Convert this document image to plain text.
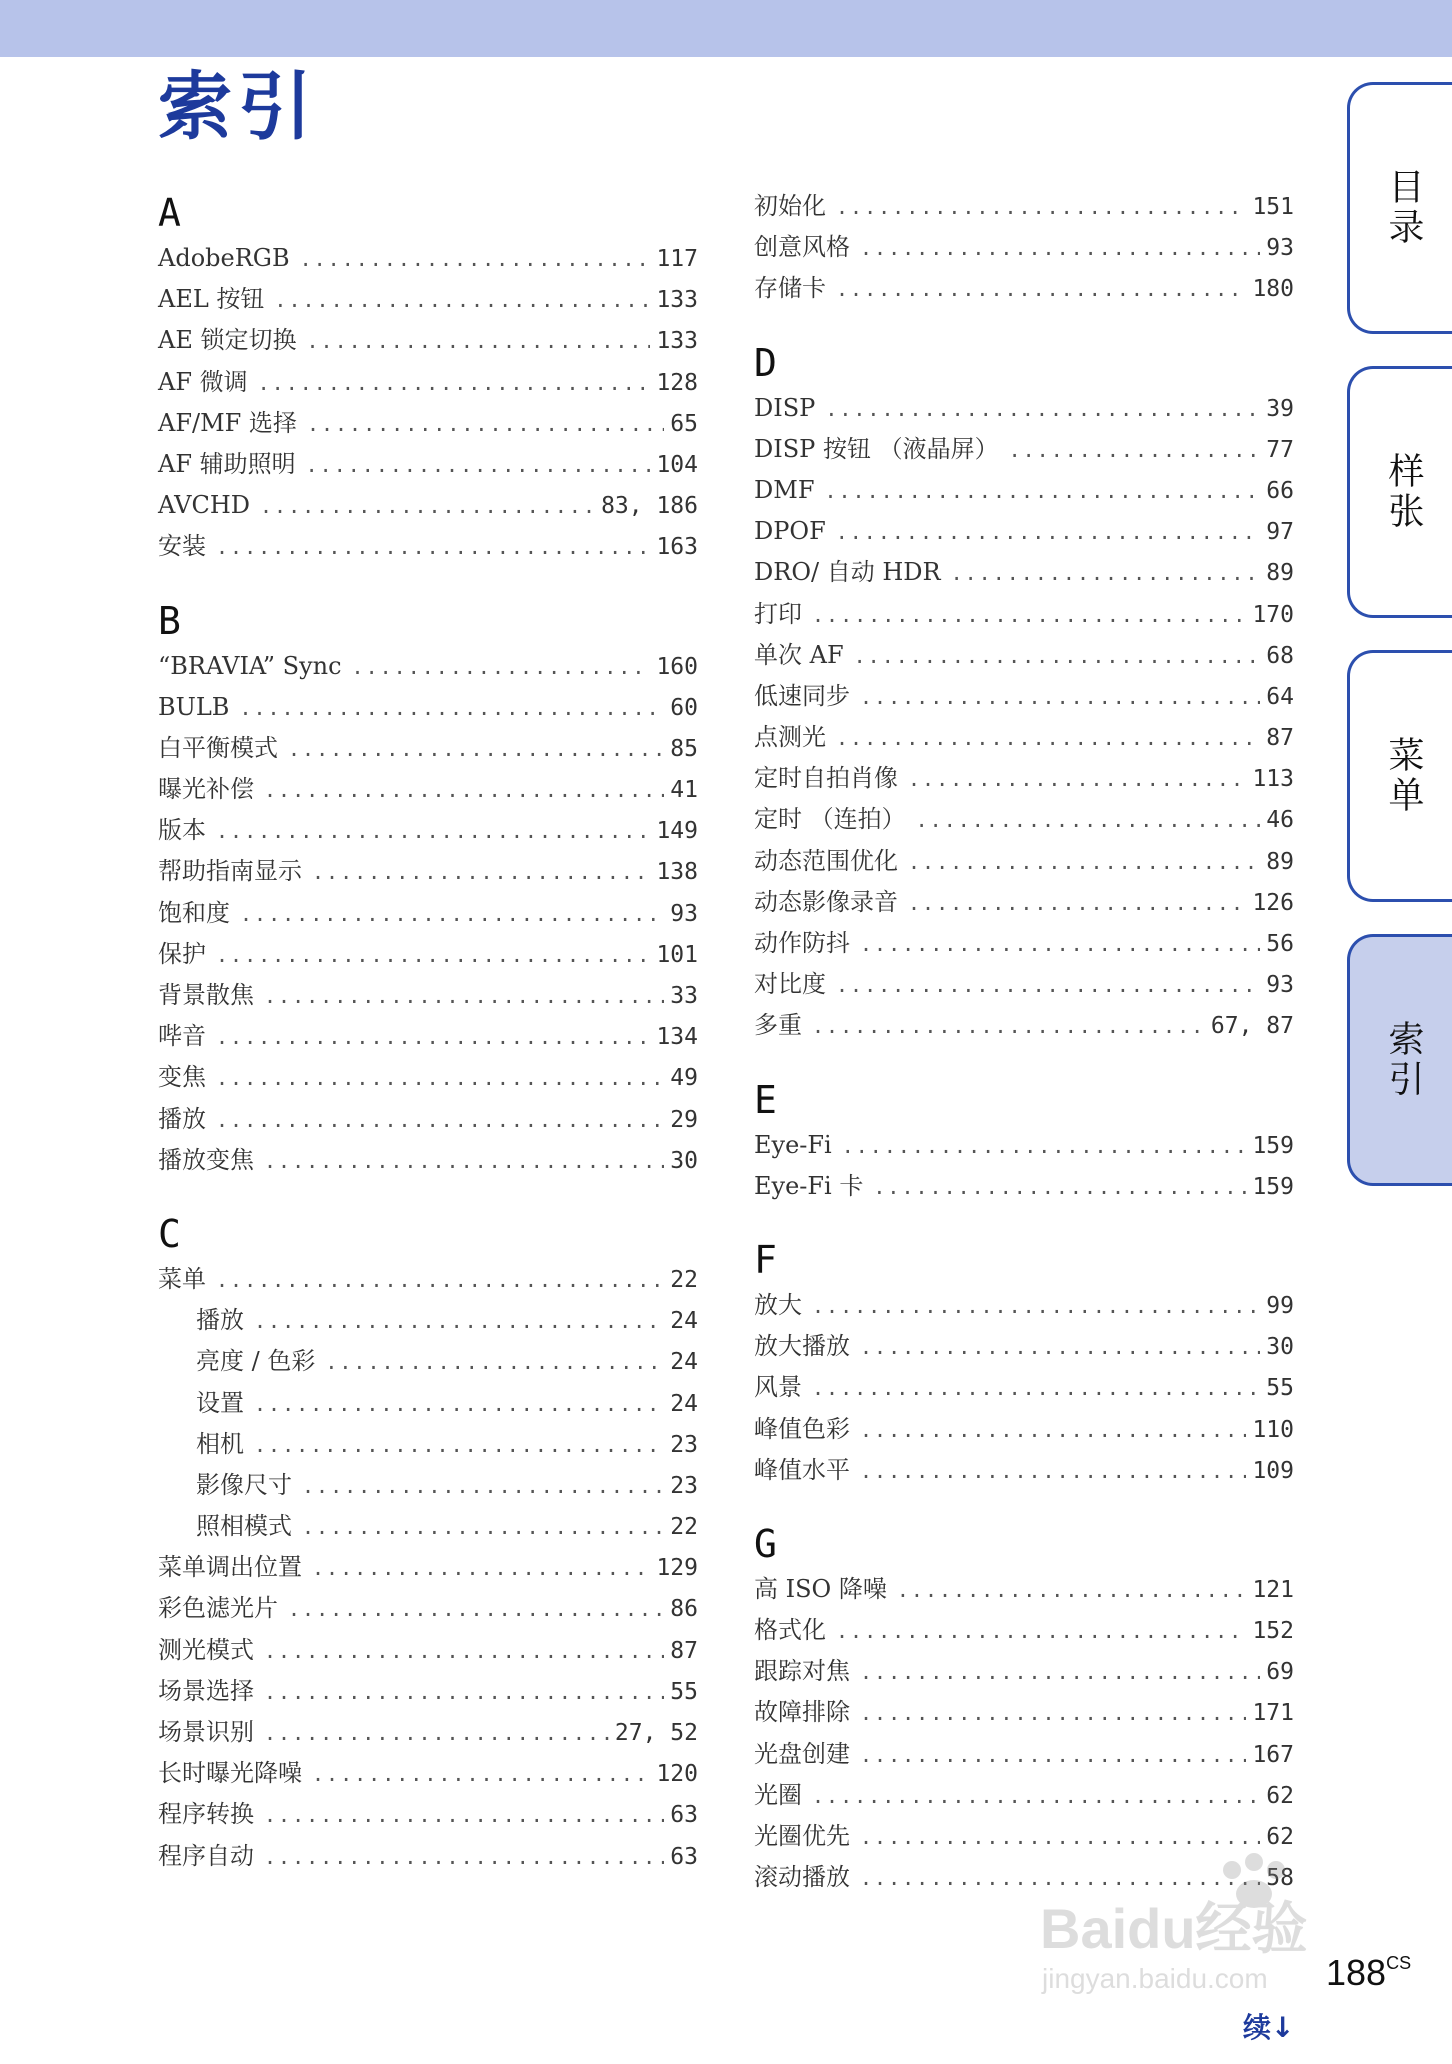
索引
A
AdobeRGB .....	117
AEL 按钮 .....	133
AE 锁定切换 .....	133
AF 微调 .....	128
AF/MF 选择 .....	65
AF 辅助照明 .....	104
AVCHD .....	83, 186
安装 .....	163
B
“BRAVIA” Sync .....	160
BULB .....	60
白平衡模式 .....	85
曝光补偿 .....	41
版本 .....	149
帮助指南显示 .....	138
饱和度 .....	93
保护 .....	101
背景散焦 .....	33
哔音 .....	134
变焦 .....	49
播放 .....	29
播放变焦 .....	30
C
菜单 .....	22
播放 .....	24
亮度 / 色彩 .....	24
设置 .....	24
相机 .....	23
影像尺寸 .....	23
照相模式 .....	22
菜单调出位置 .....	129
彩色滤光片 .....	86
测光模式 .....	87
场景选择 .....	55
场景识别 .....	27, 52
长时曝光降噪 .....	120
程序转换 .....	63
程序自动 .....	63
初始化 .....	151
创意风格 .....	93
存储卡 .....	180
D
DISP .....	39
DISP 按钮 （液晶屏） .....	77
DMF .....	66
DPOF .....	97
DRO/ 自动 HDR .....	89
打印 .....	170
单次 AF .....	68
低速同步 .....	64
点测光 .....	87
定时自拍肖像 .....	113
定时 （连拍） .....	46
动态范围优化 .....	89
动态影像录音 .....	126
动作防抖 .....	56
对比度 .....	93
多重 .....	67, 87
E
Eye-Fi .....	159
Eye-Fi 卡 .....	159
F
放大 .....	99
放大播放 .....	30
风景 .....	55
峰值色彩 .....	110
峰值水平 .....	109
G
高 ISO 降噪 .....	121
格式化 .....	152
跟踪对焦 .....	69
故障排除 .....	171
光盘创建 .....	167
光圈 .....	62
光圈优先 .....	62
滚动播放 .....	58
目录
样张
菜单
索引
Baidu经验
jingyan.baidu.com $188^{CS}$
续↓
